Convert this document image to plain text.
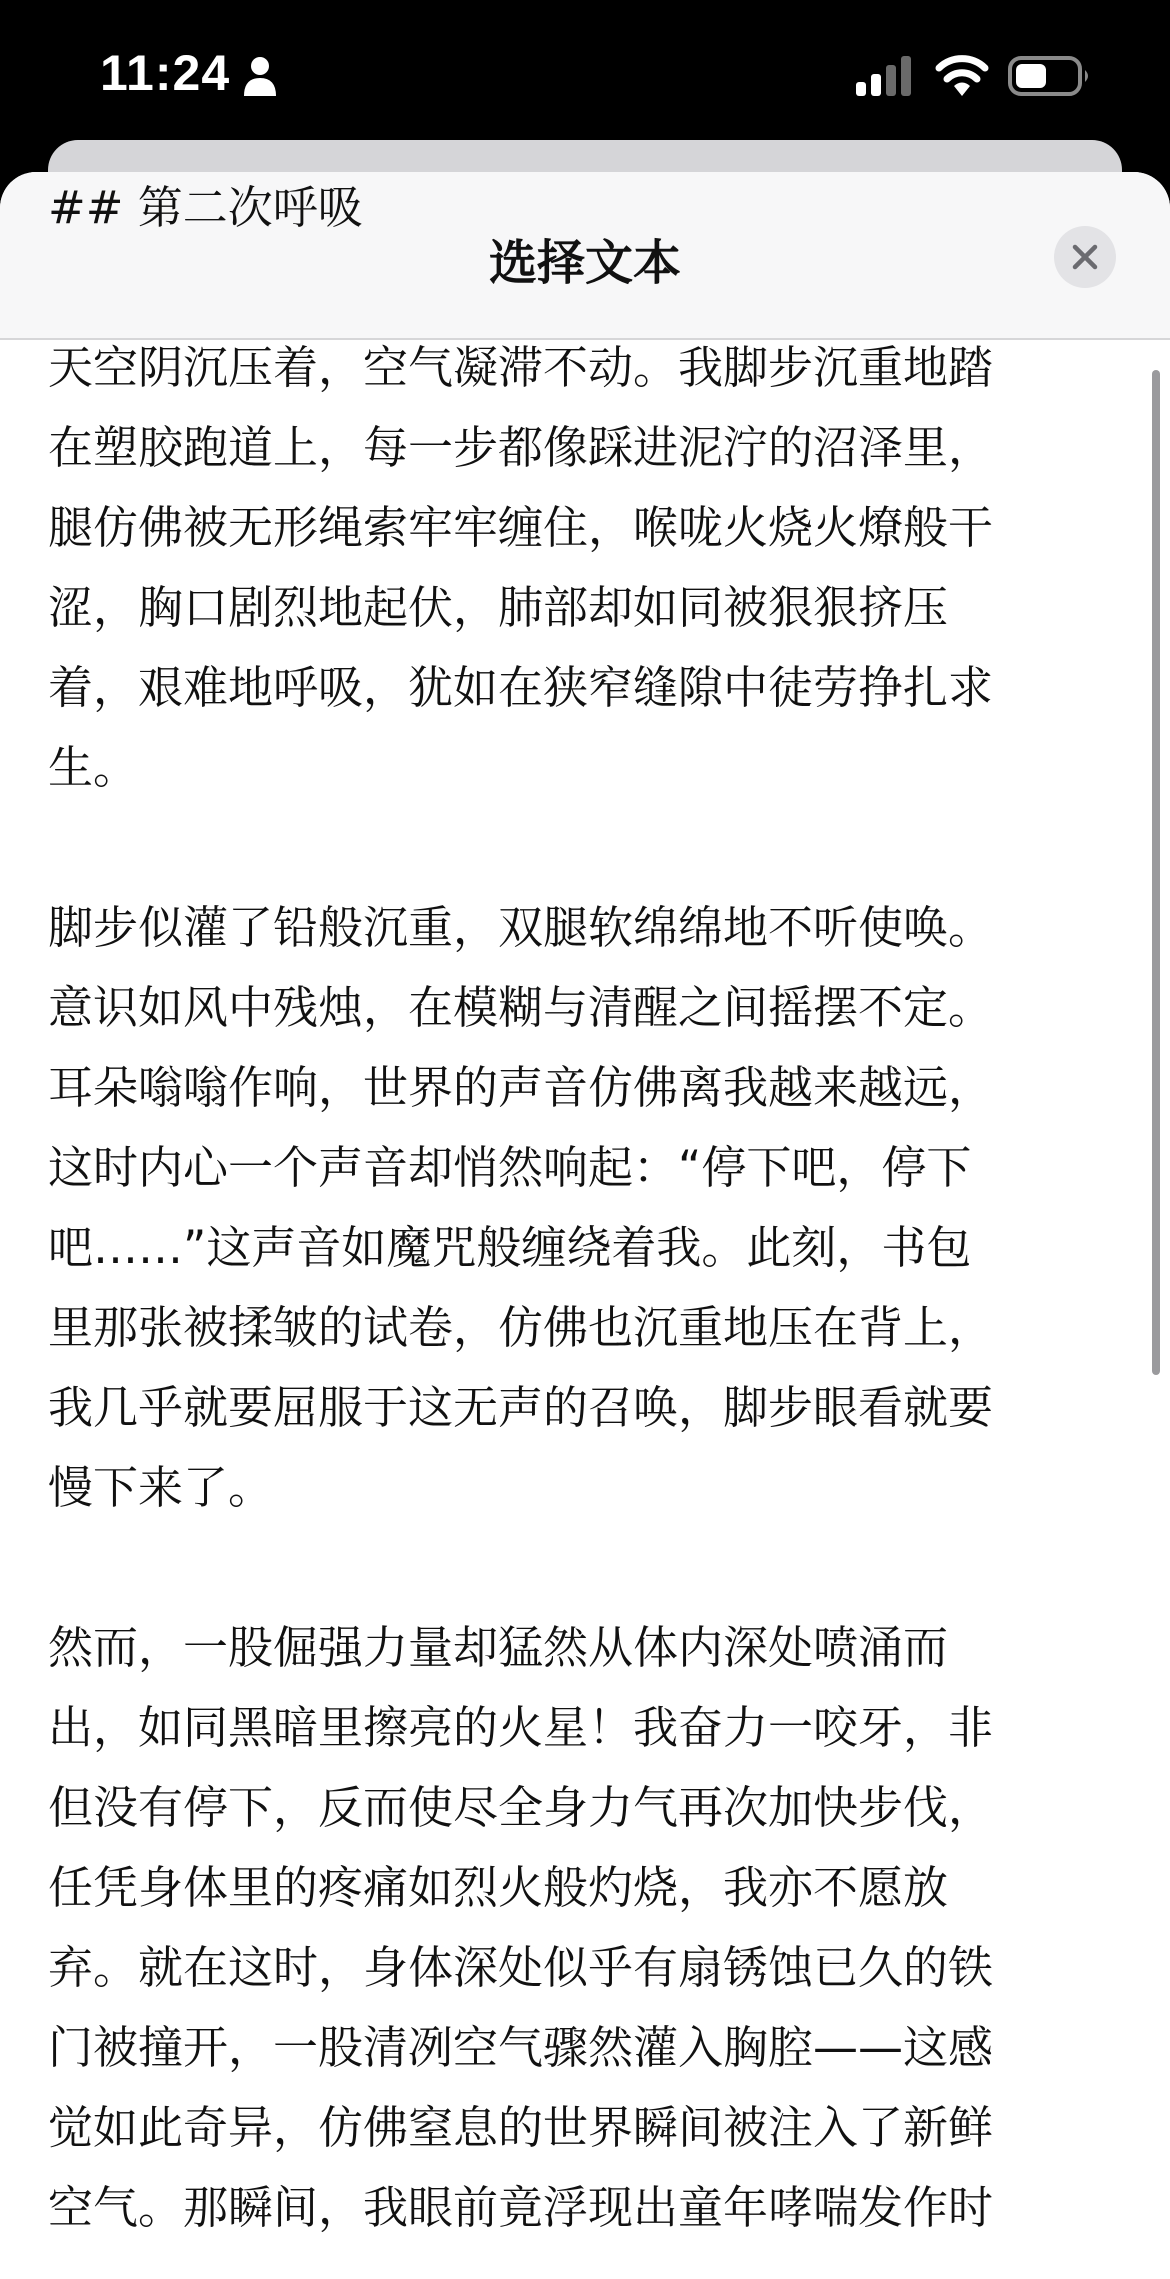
11:24
选择文本
## 第二次呼吸
天空阴沉压着，空气凝滞不动。我脚步沉重地踏
在塑胶跑道上，每一步都像踩进泥泞的沼泽里，
腿仿佛被无形绳索牢牢缠住，喉咙火烧火燎般干
涩，胸口剧烈地起伏，肺部却如同被狠狠挤压
着，艰难地呼吸，犹如在狭窄缝隙中徒劳挣扎求
生。
脚步似灌了铅般沉重，双腿软绵绵地不听使唤。
意识如风中残烛，在模糊与清醒之间摇摆不定。
耳朵嗡嗡作响，世界的声音仿佛离我越来越远，
这时内心一个声音却悄然响起：“停下吧，停下
吧……”这声音如魔咒般缠绕着我。此刻，书包
里那张被揉皱的试卷，仿佛也沉重地压在背上，
我几乎就要屈服于这无声的召唤，脚步眼看就要
慢下来了。
然而，一股倔强力量却猛然从体内深处喷涌而
出，如同黑暗里擦亮的火星！我奋力一咬牙，非
但没有停下，反而使尽全身力气再次加快步伐，
任凭身体里的疼痛如烈火般灼烧，我亦不愿放
弃。就在这时，身体深处似乎有扇锈蚀已久的铁
门被撞开，一股清冽空气骤然灌入胸腔——这感
觉如此奇异，仿佛窒息的世界瞬间被注入了新鲜
空气。那瞬间，我眼前竟浮现出童年哮喘发作时
